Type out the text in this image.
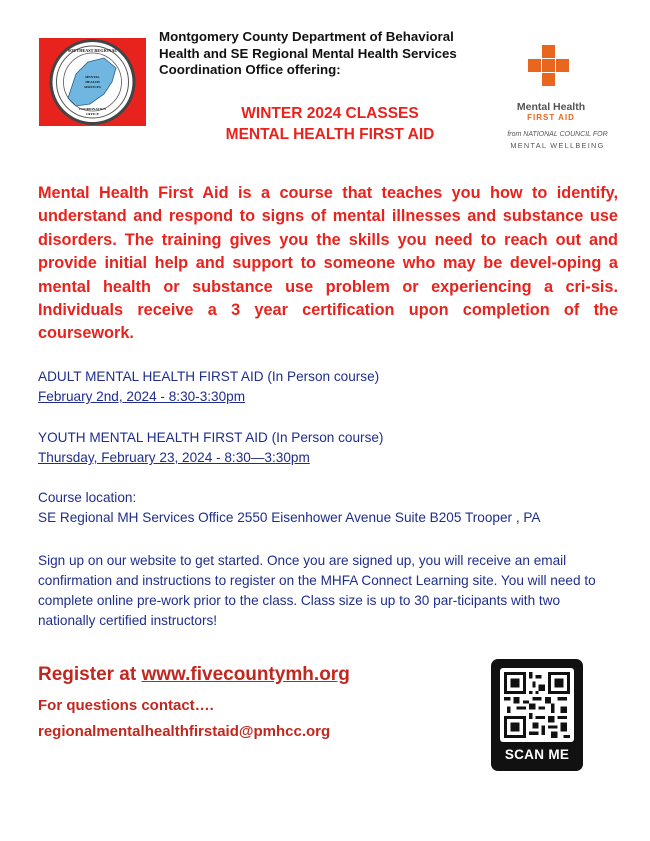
SOUTHEAST REGIONAL
MENTAL
HEALTH
SERVICES
COORDINATION
OFFICE
Montgomery County Department of Behavioral
Health and SE Regional Mental Health Services
Coordination Office offering:
WINTER 2024 CLASSES
MENTAL HEALTH FIRST AID
Mental Health
FIRST AID
from NATIONAL COUNCIL FOR
MENTAL WELLBEING
Mental Health First Aid is a course that teaches you how to identify, understand and respond to signs of mental illnesses and substance use disorders. The training gives you the skills you need to reach out and provide initial help and support to someone who may be devel-oping a mental health or substance use problem or experiencing a cri-sis. Individuals receive a 3 year certification upon completion of the coursework.
ADULT MENTAL HEALTH FIRST AID (In Person course)
February 2nd, 2024 - 8:30-3:30pm
YOUTH MENTAL HEALTH FIRST AID (In Person course)
Thursday, February 23, 2024 - 8:30—3:30pm
Course location:
SE Regional MH Services Office 2550 Eisenhower Avenue Suite B205 Trooper , PA
Sign up on our website to get started. Once you are signed up, you will receive an email confirmation and instructions to register on the MHFA Connect Learning site. You will need to complete online pre-work prior to the class. Class size is up to 30 par-ticipants with two nationally certified instructors!
Register at www.fivecountymh.org
For questions contact….
regionalmentalhealthfirstaid@pmhcc.org
SCAN ME
